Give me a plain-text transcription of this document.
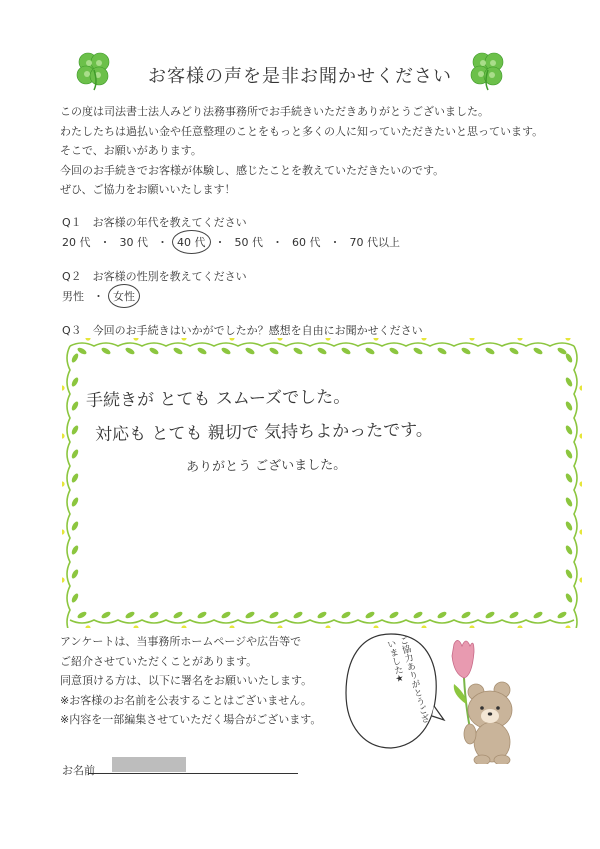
お客様の声を是非お聞かせください
この度は司法書士法人みどり法務事務所でお手続きいただきありがとうございました。
わたしたちは過払い金や任意整理のことをもっと多くの人に知っていただきたいと思っています。
そこで、お願いがあります。
今回のお手続きでお客様が体験し、感じたことを教えていただきたいのです。
ぜひ、ご協力をお願いいたします！
Q１　お客様の年代を教えてください
20 代 ・ 30 代 ・ 40 代 ・ 50 代 ・ 60 代 ・ 70 代以上
Q２　お客様の性別を教えてください
男性 ・ 女性
Q３　今回のお手続きはいかがでしたか？感想を自由にお聞かせください
手続きが とても スムーズでした。
対応も とても 親切で 気持ちよかったです。
ありがとう ございました。
アンケートは、当事務所ホームページや広告等で
ご紹介させていただくことがあります。
同意頂ける方は、以下に署名をお願いいたします。
※お客様のお名前を公表することはございません。
※内容を一部編集させていただく場合がございます。	ご協力ありがとうございました★
お名前
